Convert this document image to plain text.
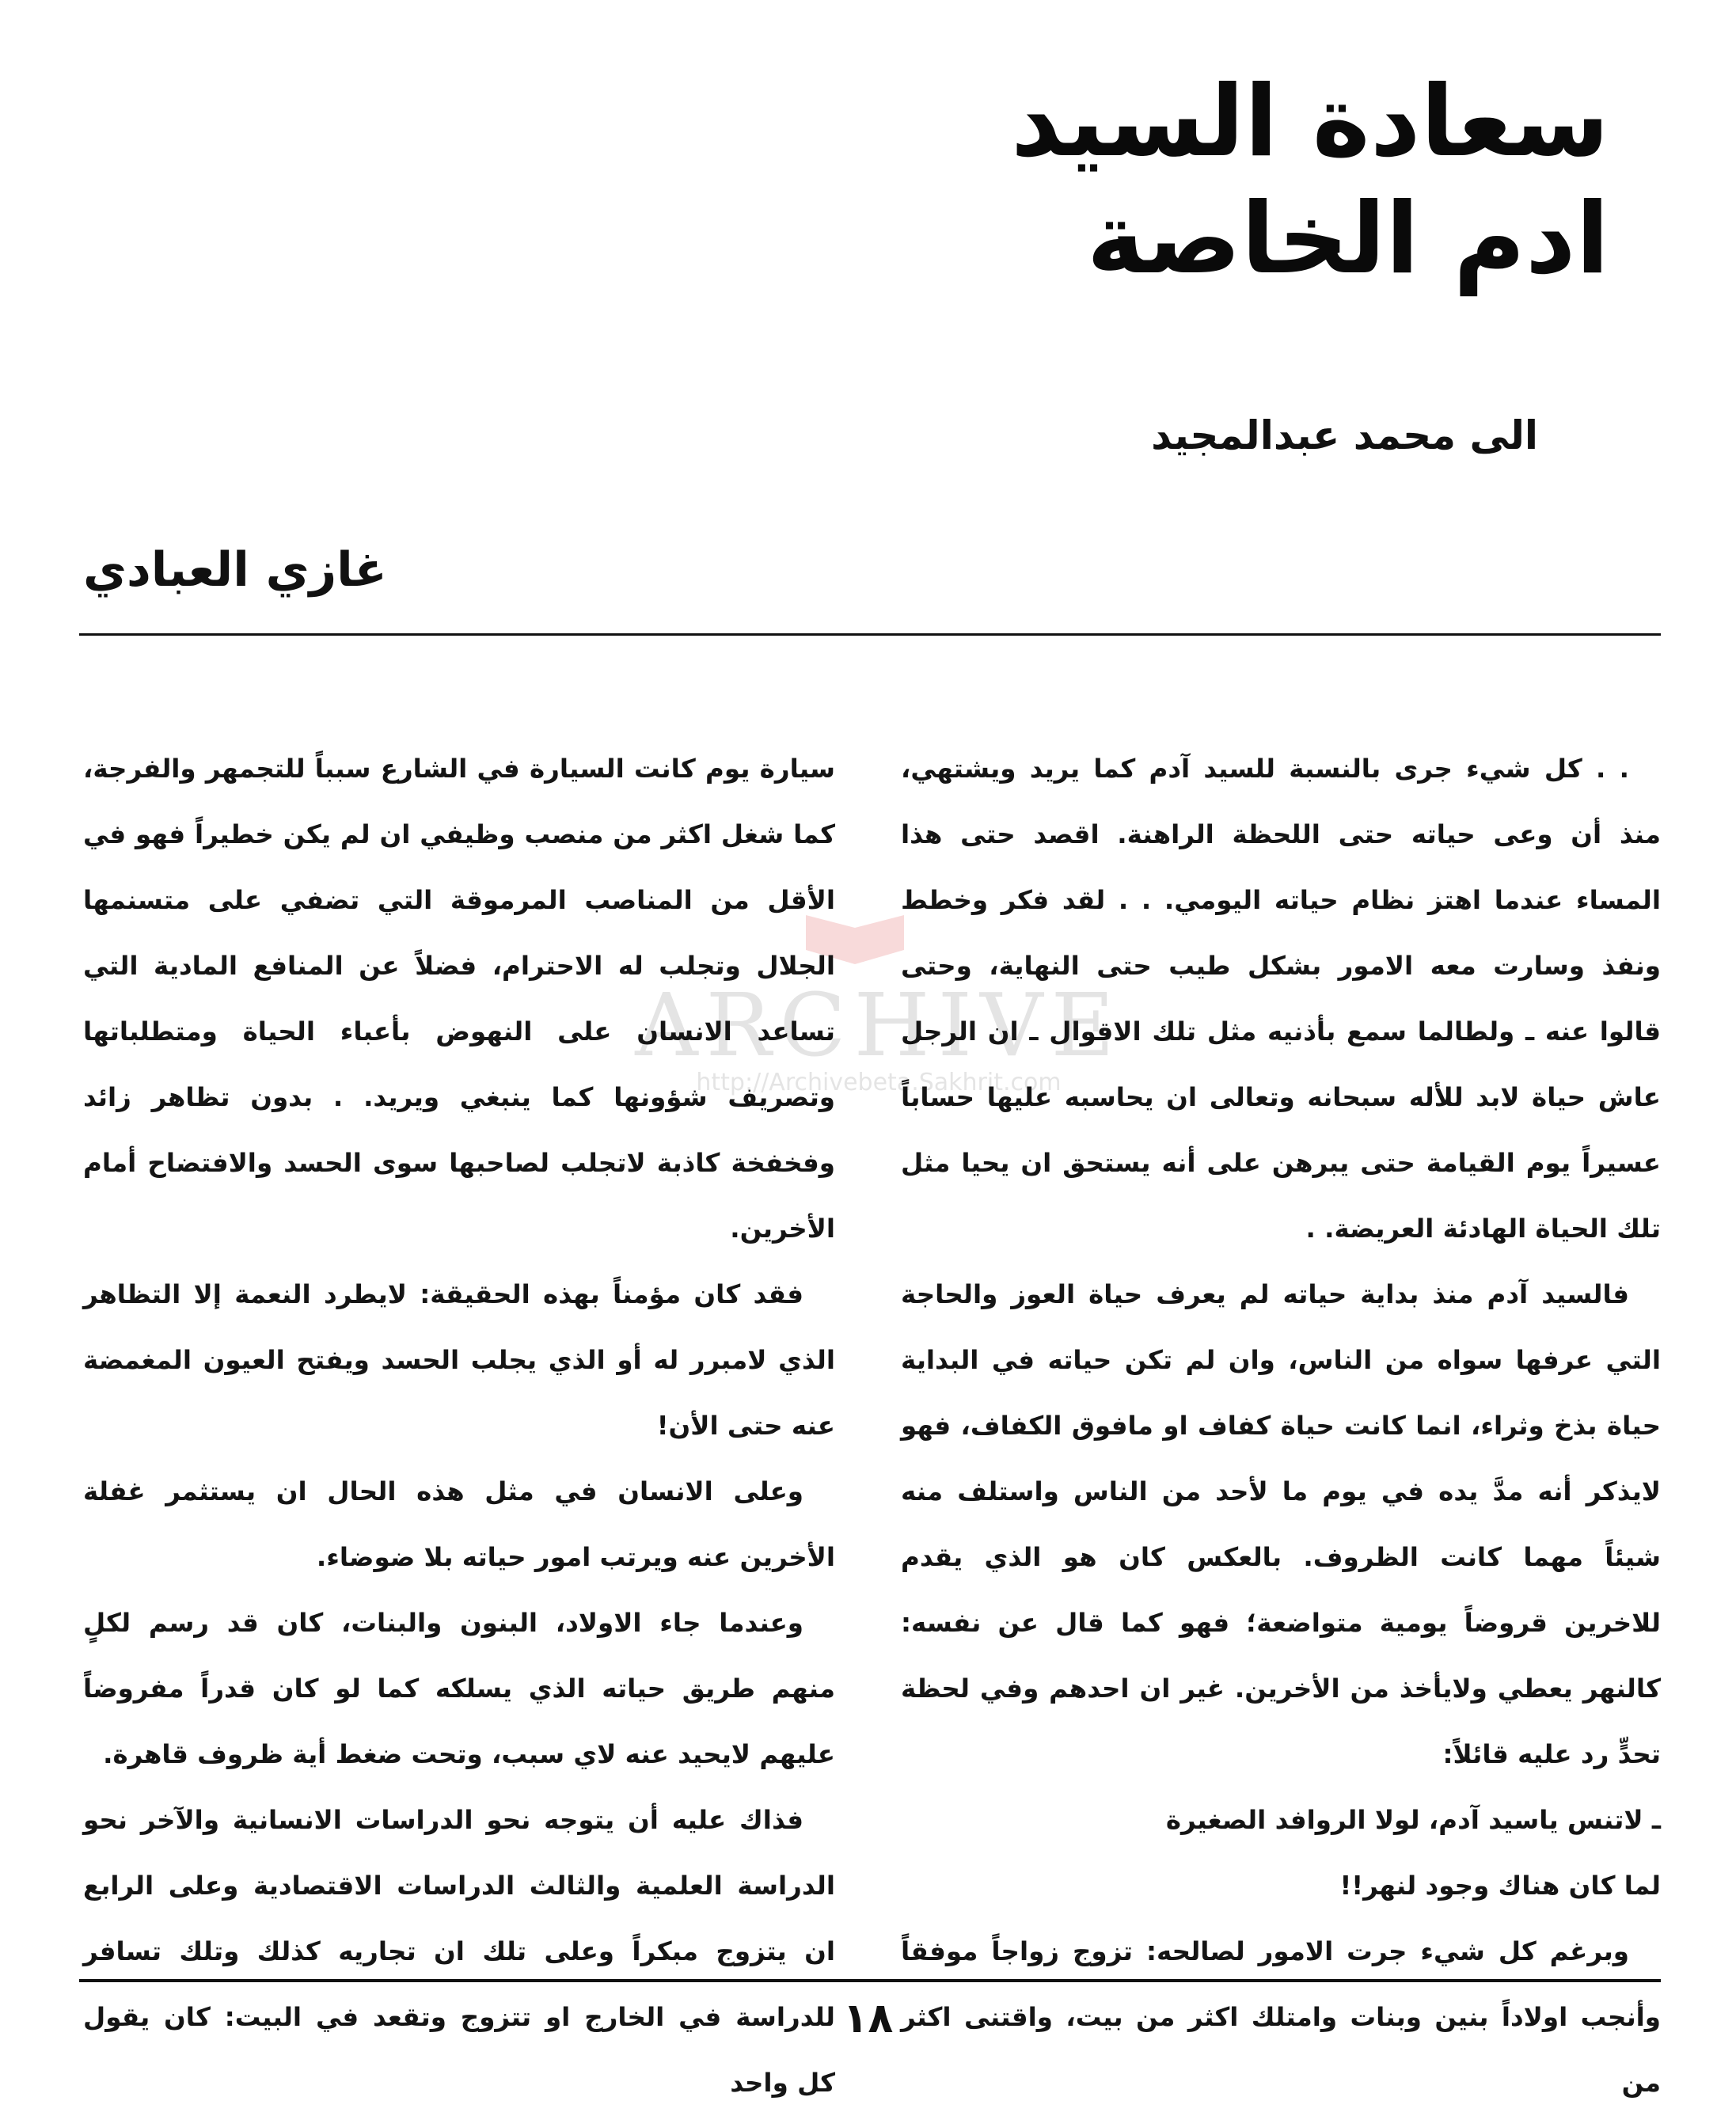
سعادة السيد
ادم الخاصة

الى محمد عبدالمجيد

غازي العبادي

ARCHIVE
http://Archivebeta.Sakhrit.com

. . كل شيء جرى بالنسبة للسيد آدم كما يريد ويشتهي، منذ أن وعى حياته حتى اللحظة الراهنة. اقصد حتى هذا المساء عندما اهتز نظام حياته اليومي. . . لقد فكر وخطط ونفذ وسارت معه الامور بشكل طيب حتى النهاية، وحتى قالوا عنه ـ ولطالما سمع بأذنيه مثل تلك الاقوال ـ ان الرجل عاش حياة لابد للأله سبحانه وتعالى ان يحاسبه عليها حساباً عسيراً يوم القيامة حتى يبرهن على أنه يستحق ان يحيا مثل تلك الحياة الهادئة العريضة. .

فالسيد آدم منذ بداية حياته لم يعرف حياة العوز والحاجة التي عرفها سواه من الناس، وان لم تكن حياته في البداية حياة بذخ وثراء، انما كانت حياة كفاف او مافوق الكفاف، فهو لايذكر أنه مدَّ يده في يوم ما لأحد من الناس واستلف منه شيئاً مهما كانت الظروف. بالعكس كان هو الذي يقدم للاخرين قروضاً يومية متواضعة؛ فهو كما قال عن نفسه: كالنهر يعطي ولايأخذ من الأخرين. غير ان احدهم وفي لحظة تحدٍّ رد عليه قائلاً:

ـ لاتنس ياسيد آدم، لولا الروافد الصغيرة

لما كان هناك وجود لنهر!!

وبرغم كل شيء جرت الامور لصالحه: تزوج زواجاً موفقاً وأنجب اولاداً بنين وبنات وامتلك اكثر من بيت، واقتنى اكثر من

سيارة يوم كانت السيارة في الشارع سبباً للتجمهر والفرجة، كما شغل اكثر من منصب وظيفي ان لم يكن خطيراً فهو في الأقل من المناصب المرموقة التي تضفي على متسنمها الجلال وتجلب له الاحترام، فضلاً عن المنافع المادية التي تساعد الانسان على النهوض بأعباء الحياة ومتطلباتها وتصريف شؤونها كما ينبغي ويريد. . بدون تظاهر زائد وفخفخة كاذبة لاتجلب لصاحبها سوى الحسد والافتضاح أمام الأخرين.

فقد كان مؤمناً بهذه الحقيقة: لايطرد النعمة إلا التظاهر الذي لامبرر له أو الذي يجلب الحسد ويفتح العيون المغمضة عنه حتى الأن!

وعلى الانسان في مثل هذه الحال ان يستثمر غفلة الأخرين عنه ويرتب امور حياته بلا ضوضاء.

وعندما جاء الاولاد، البنون والبنات، كان قد رسم لكلٍ منهم طريق حياته الذي يسلكه كما لو كان قدراً مفروضاً عليهم لايحيد عنه لاي سبب، وتحت ضغط أية ظروف قاهرة.

فذاك عليه أن يتوجه نحو الدراسات الانسانية والآخر نحو الدراسة العلمية والثالث الدراسات الاقتصادية وعلى الرابع ان يتزوج مبكراً وعلى تلك ان تجاريه كذلك وتلك تسافر للدراسة في الخارج او تتزوج وتقعد في البيت: كان يقول كل واحد

١٨
